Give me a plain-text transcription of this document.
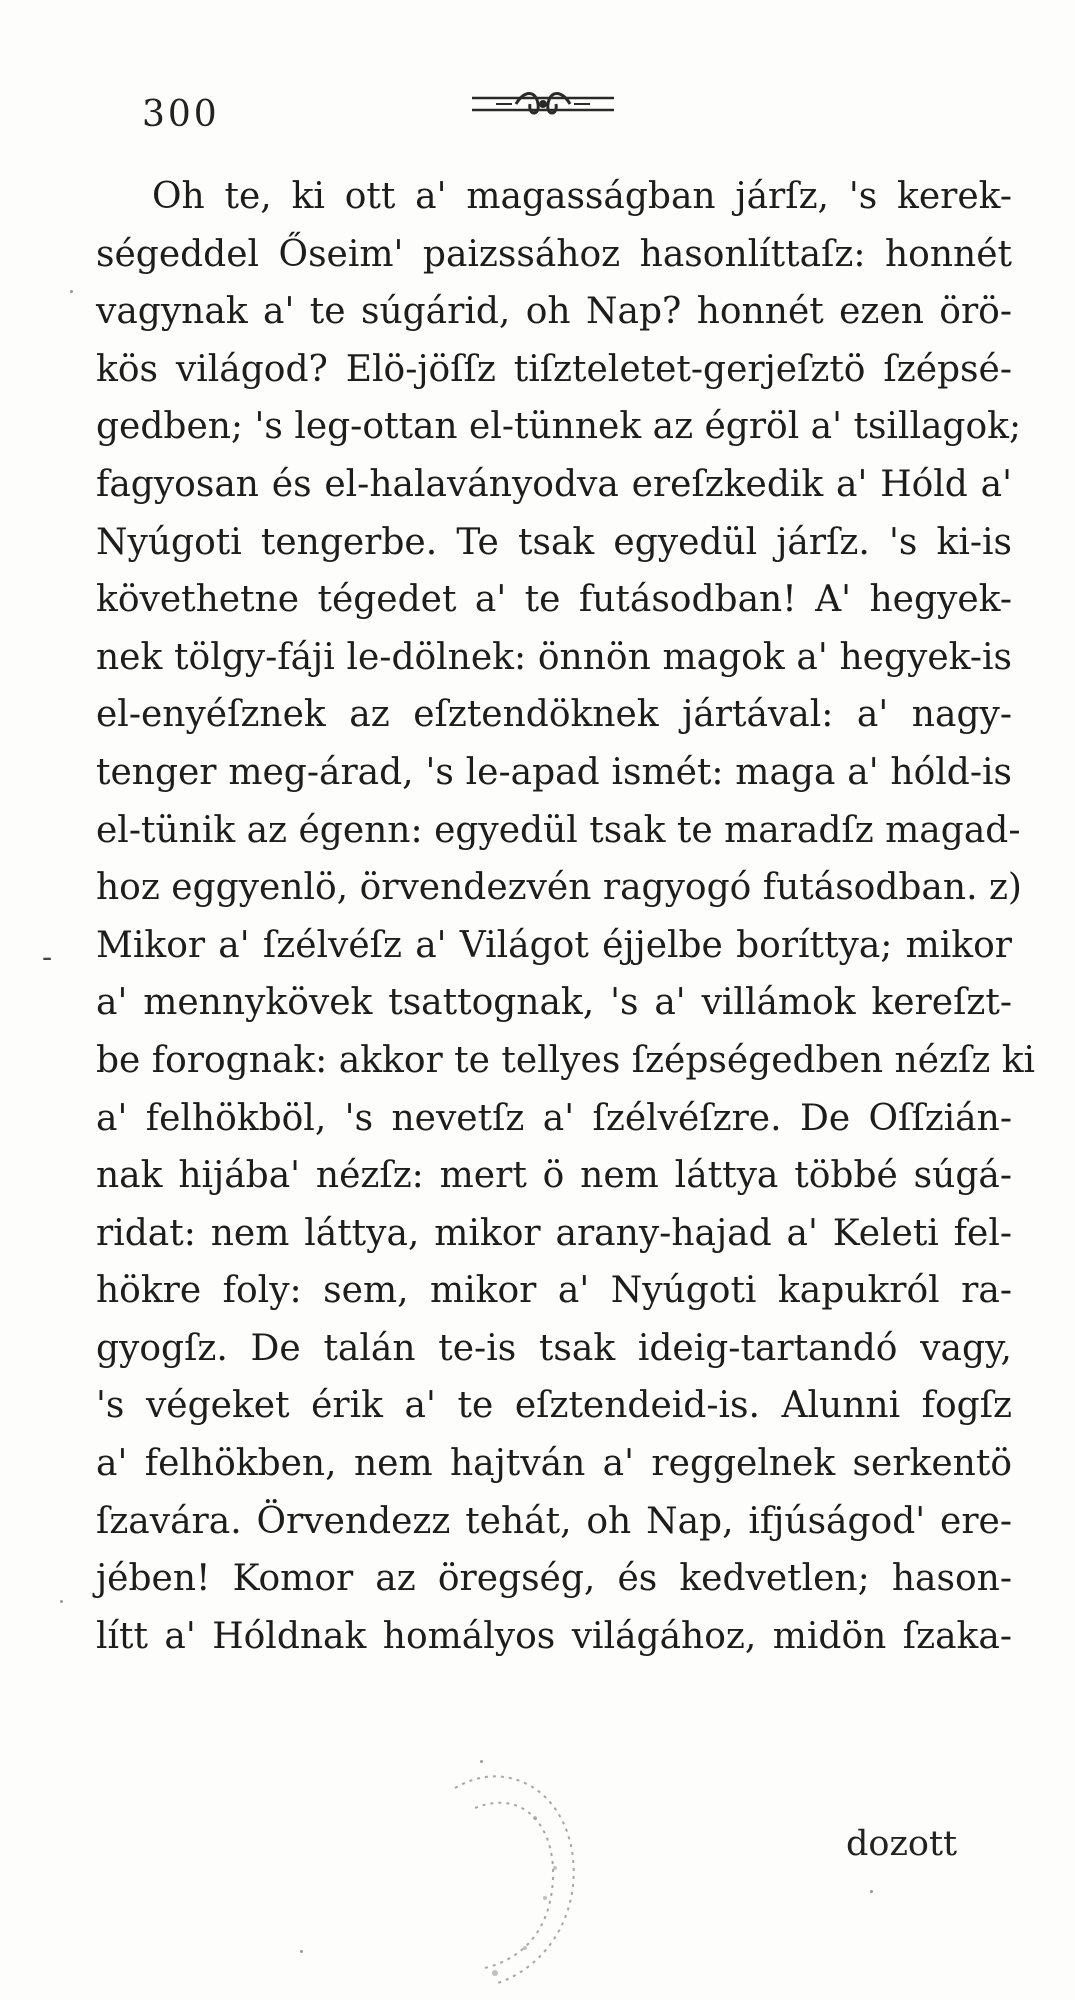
300
-
Oh te, ki ott a' magasságban járſz, 's kerek-
ségeddel Őseim' paizssához hasonlíttaſz: honnét
vagynak a' te súgárid, oh Nap? honnét ezen örö-
kös világod? Elö-jöſſz tiſzteletet-gerjeſztö ſzépsé-
gedben; 's leg-ottan el-tünnek az égröl a' tsillagok;
fagyosan és el-halaványodva ereſzkedik a' Hóld a'
Nyúgoti tengerbe. Te tsak egyedül járſz. 's ki-is
követhetne tégedet a' te futásodban! A' hegyek-
nek tölgy-fáji le-dölnek: önnön magok a' hegyek-is
el-enyéſznek az eſztendöknek jártával: a' nagy-
tenger meg-árad, 's le-apad ismét: maga a' hóld-is
el-tünik az égenn: egyedül tsak te maradſz magad-
hoz eggyenlö, örvendezvén ragyogó futásodban. z)
Mikor a' ſzélvéſz a' Világot éjjelbe boríttya; mikor
a' mennykövek tsattognak, 's a' villámok kereſzt-
be forognak: akkor te tellyes ſzépségedben nézſz ki
a' felhökböl, 's nevetſz a' ſzélvéſzre. De Oſſzián-
nak hijába' nézſz: mert ö nem láttya többé súgá-
ridat: nem láttya, mikor arany-hajad a' Keleti fel-
hökre foly: sem, mikor a' Nyúgoti kapukról ra-
gyogſz. De talán te-is tsak ideig-tartandó vagy,
's végeket érik a' te eſztendeid-is. Alunni fogſz
a' felhökben, nem hajtván a' reggelnek serkentö
ſzavára. Örvendezz tehát, oh Nap, ifjúságod' ere-
jében! Komor az öregség, és kedvetlen; hason-
lítt a' Hóldnak homályos világához, midön ſzaka-
dozott
